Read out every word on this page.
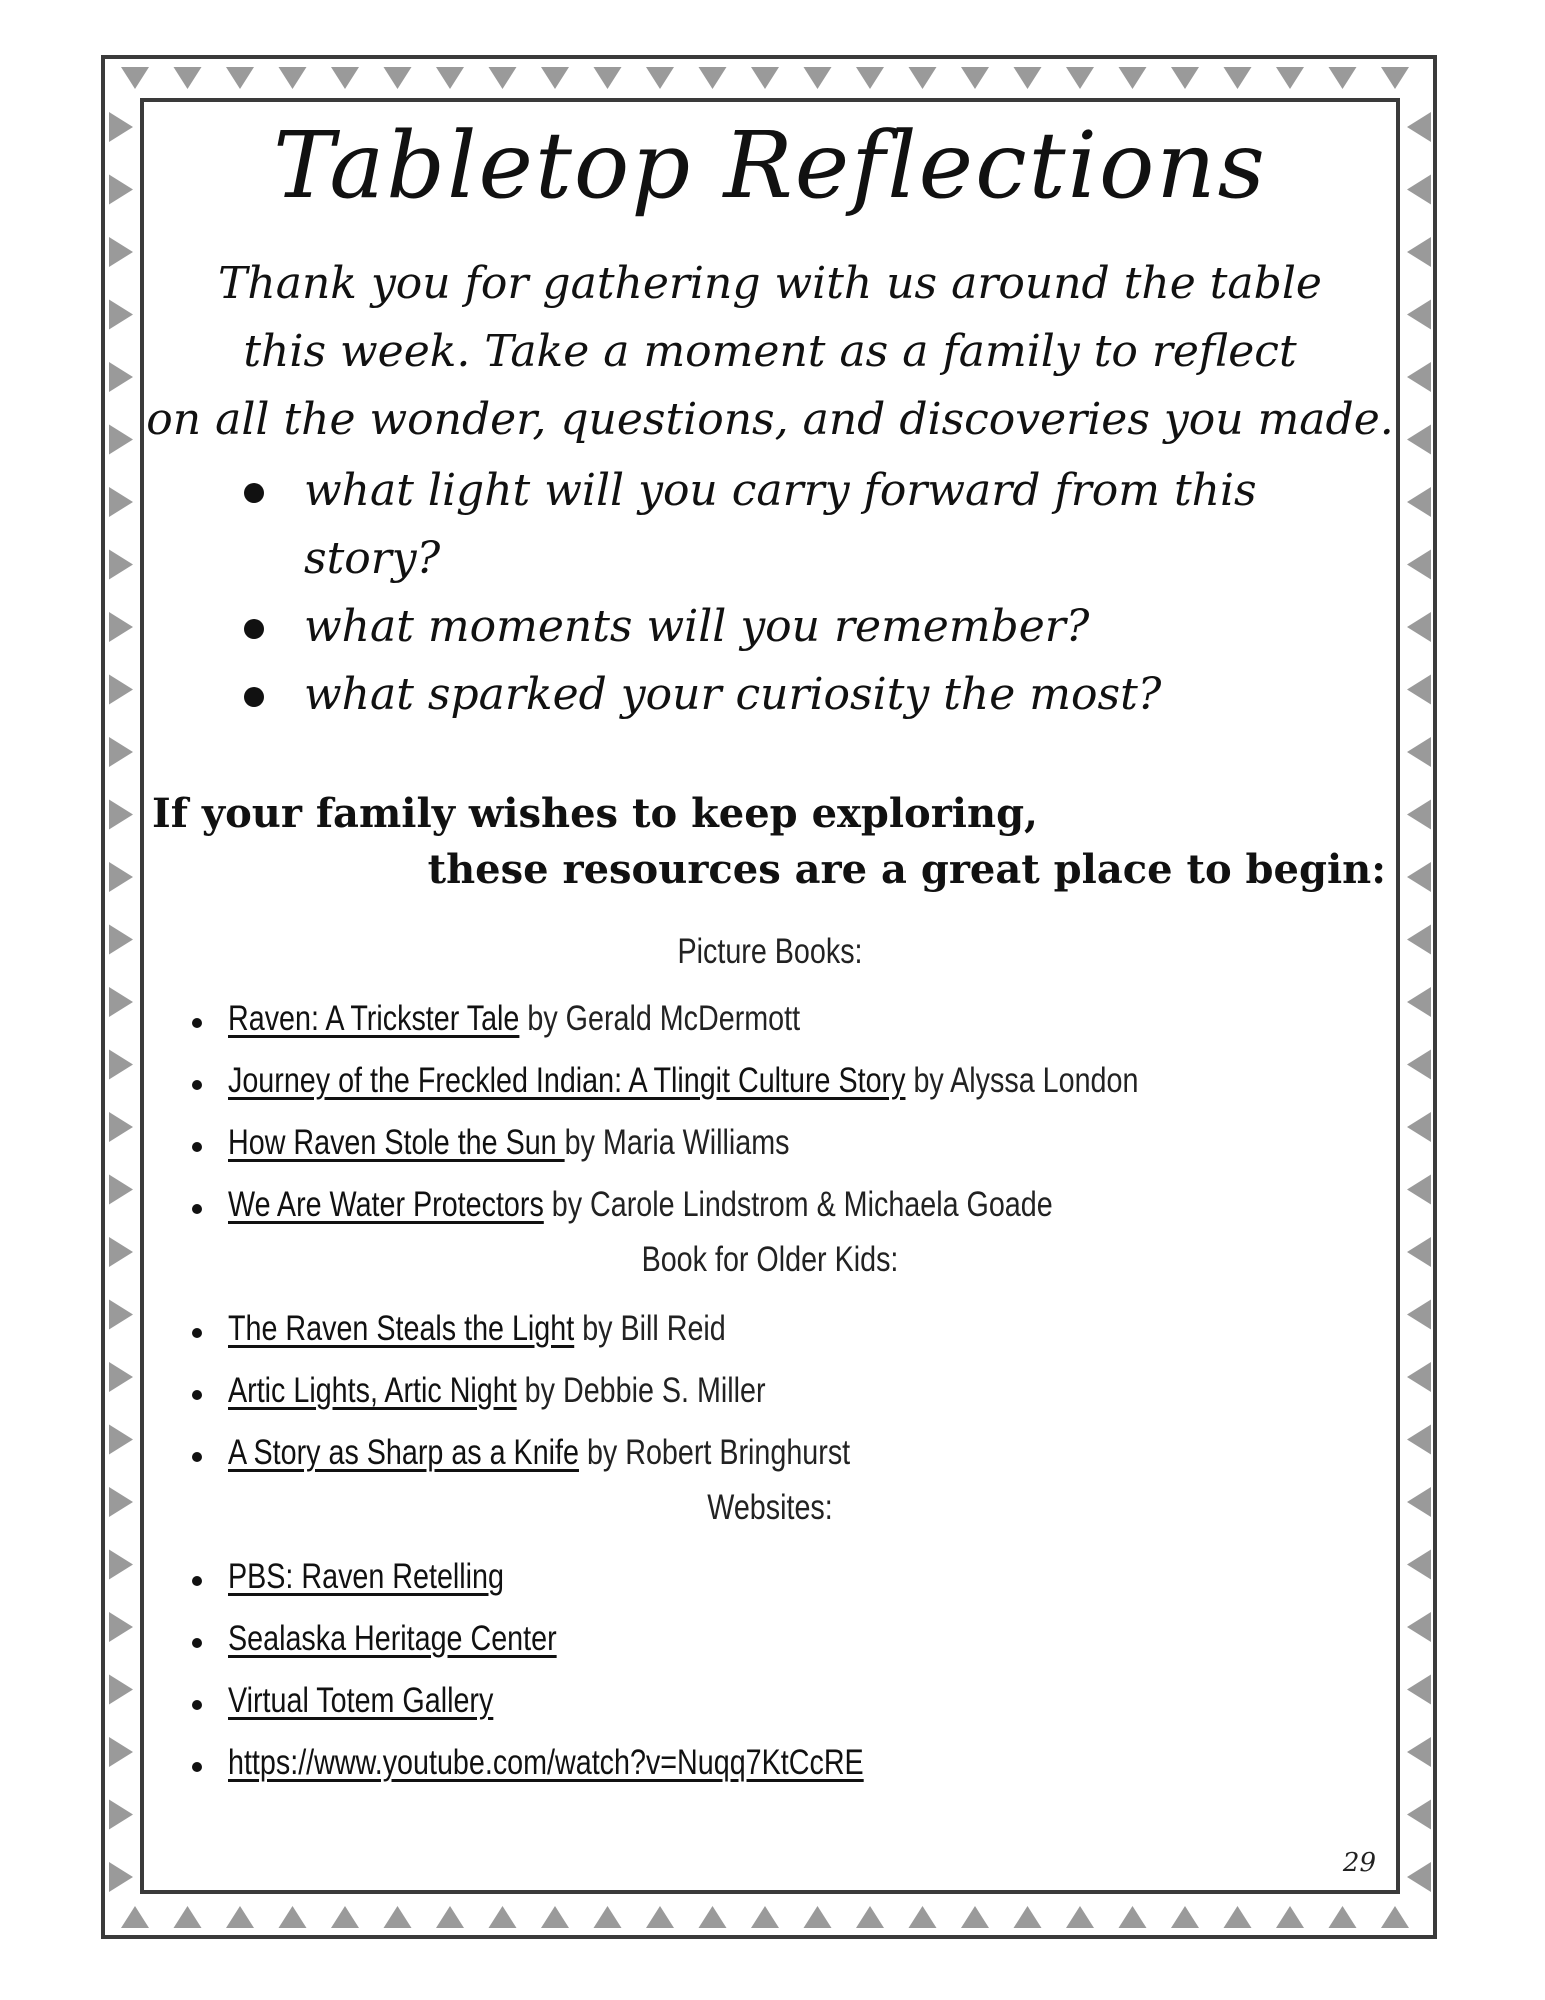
Tabletop Reflections

Thank you for gathering with us around the table
this week. Take a moment as a family to reflect
on all the wonder, questions, and discoveries you made.

what light will you carry forward from this story?
what moments will you remember?
what sparked your curiosity the most?

If your family wishes to keep exploring,

these resources are a great place to begin:

Picture Books:

Raven: A Trickster Tale by Gerald McDermott
Journey of the Freckled Indian: A Tlingit Culture Story by Alyssa London
How Raven Stole the Sun by Maria Williams
We Are Water Protectors by Carole Lindstrom & Michaela Goade

Book for Older Kids:

The Raven Steals the Light by Bill Reid
Artic Lights, Artic Night by Debbie S. Miller
A Story as Sharp as a Knife by Robert Bringhurst

Websites:

PBS: Raven Retelling
Sealaska Heritage Center
Virtual Totem Gallery
https://www.youtube.com/watch?v=Nuqq7KtCcRE

29
